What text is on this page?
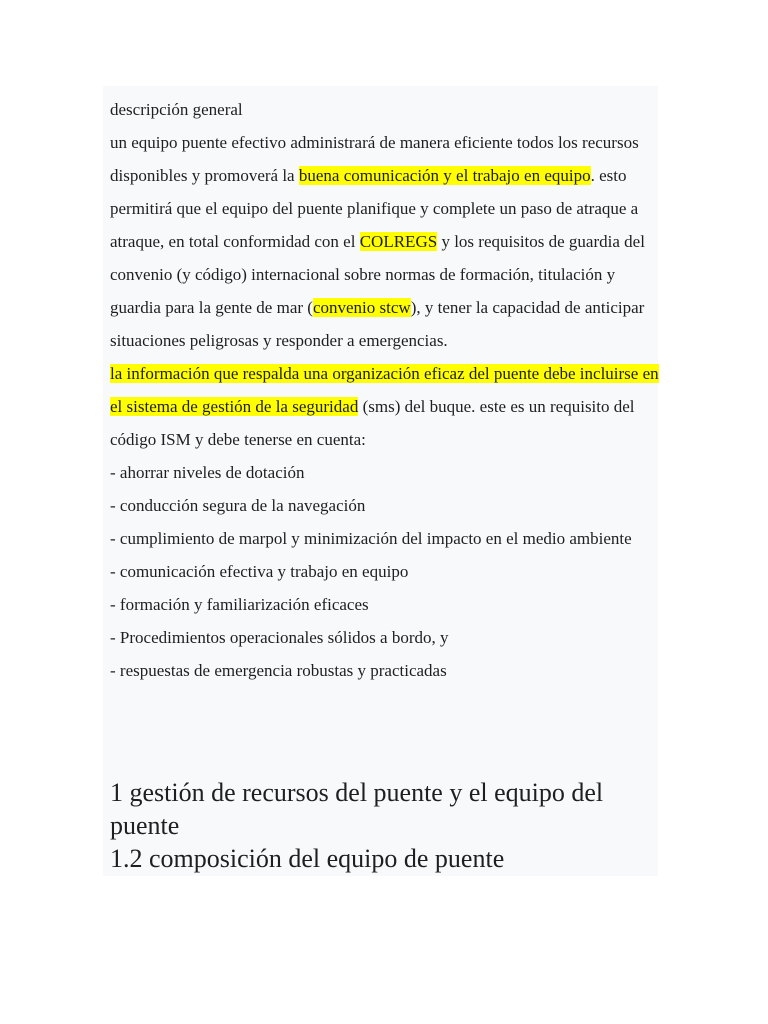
descripción general

un equipo puente efectivo administrará de manera eficiente todos los recursos disponibles y promoverá la buena comunicación y el trabajo en equipo. esto permitirá que el equipo del puente planifique y complete un paso de atraque a atraque, en total conformidad con el COLREGS y los requisitos de guardia del convenio (y código) internacional sobre normas de formación, titulación y guardia para la gente de mar (convenio stcw), y tener la capacidad de anticipar situaciones peligrosas y responder a emergencias.

la información que respalda una organización eficaz del puente debe incluirse en el sistema de gestión de la seguridad (sms) del buque. este es un requisito del código ISM y debe tenerse en cuenta:

- ahorrar niveles de dotación

- conducción segura de la navegación

- cumplimiento de marpol y minimización del impacto en el medio ambiente

- comunicación efectiva y trabajo en equipo

- formación y familiarización eficaces

- Procedimientos operacionales sólidos a bordo, y

- respuestas de emergencia robustas y practicadas

1 gestión de recursos del puente y el equipo del puente

1.2 composición del equipo de puente
